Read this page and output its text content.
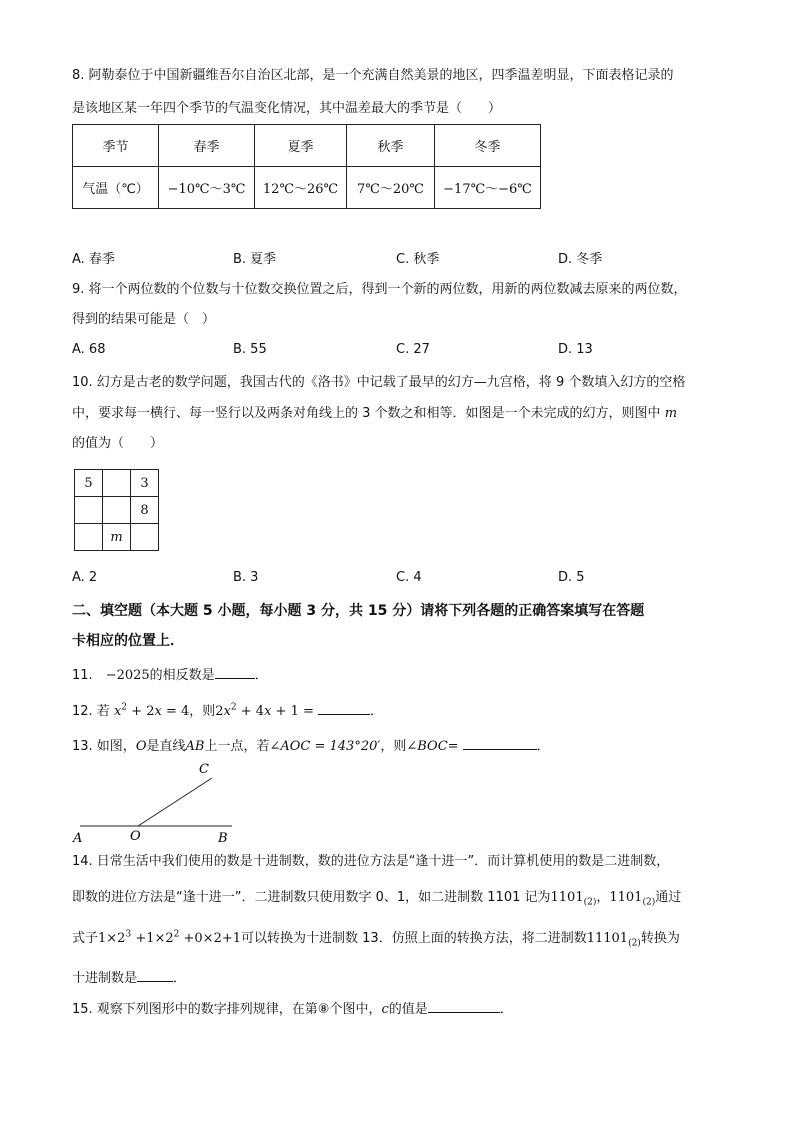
8. 阿勒泰位于中国新疆维吾尔自治区北部，是一个充满自然美景的地区，四季温差明显，下面表格记录的
是该地区某一年四个季节的气温变化情况，其中温差最大的季节是（　　）
季节	春季	夏季	秋季	冬季
气温（℃）	−10℃～3℃	12℃～26℃	7℃～20℃	−17℃～−6℃
A. 春季	B. 夏季	C. 秋季	D. 冬季
9. 将一个两位数的个位数与十位数交换位置之后，得到一个新的两位数，用新的两位数减去原来的两位数，
得到的结果可能是（　）
A. 68	B. 55	C. 27	D. 13
10. 幻方是古老的数学问题，我国古代的《洛书》中记载了最早的幻方—九宫格，将 9 个数填入幻方的空格
中，要求每一横行、每一竖行以及两条对角线上的 3 个数之和相等．如图是一个未完成的幻方，则图中 m
的值为（　　）
5		3
		8
	m	
A. 2	B. 3	C. 4	D. 5
二、填空题（本大题 5 小题，每小题 3 分，共 15 分）请将下列各题的正确答案填写在答题
卡相应的位置上．
11.　−2025的相反数是	．
12. 若 $x^2 + 2x = 4$，则$2x^2 + 4x + 1$ =	．
13. 如图，O是直线AB上一点，若∠AOC = 143°20′，则∠BOC=	．
A	O	B
C
14. 日常生活中我们使用的数是十进制数，数的进位方法是“逢十进一”．而计算机使用的数是二进制数，
即数的进位方法是“逢十进一”．二进制数只使用数字 0、1，如二进制数 1101 记为$1101_{(2)}$，$1101_{(2)}$通过
式子$1\times 2^3 +1\times 2^2 +0\times 2+1$可以转换为十进制数 13．仿照上面的转换方法，将二进制数$11101_{(2)}$转换为
十进制数是	．
15. 观察下列图形中的数字排列规律，在第⑧个图中，c的值是	．
